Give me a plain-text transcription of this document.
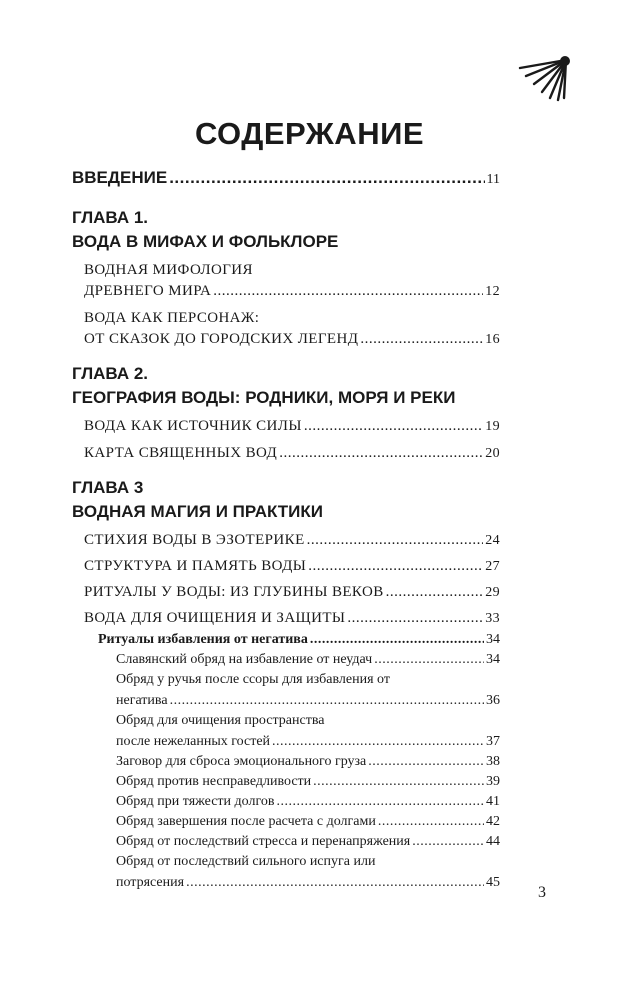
СОДЕРЖАНИЕ
ВВЕДЕНИЕ .....	11
ГЛАВА 1.
ВОДА В МИФАХ И ФОЛЬКЛОРЕ
ВОДНАЯ МИФОЛОГИЯ
ДРЕВНЕГО МИРА .....	12
ВОДА КАК ПЕРСОНАЖ:
ОТ СКАЗОК ДО ГОРОДСКИХ ЛЕГЕНД .....	16
ГЛАВА 2.
ГЕОГРАФИЯ ВОДЫ: РОДНИКИ, МОРЯ И РЕКИ
ВОДА КАК ИСТОЧНИК СИЛЫ .....	19
КАРТА СВЯЩЕННЫХ ВОД .....	20
ГЛАВА 3
ВОДНАЯ МАГИЯ И ПРАКТИКИ
СТИХИЯ ВОДЫ В ЭЗОТЕРИКЕ .....	24
СТРУКТУРА И ПАМЯТЬ ВОДЫ .....	27
РИТУАЛЫ У ВОДЫ: ИЗ ГЛУБИНЫ ВЕКОВ .....	29
ВОДА ДЛЯ ОЧИЩЕНИЯ И ЗАЩИТЫ .....	33
Ритуалы избавления от негатива .....	34
Славянский обряд на избавление от неудач .....	34
Обряд у ручья после ссоры для избавления от
негатива .....	36
Обряд для очищения пространства
после нежеланных гостей .....	37
Заговор для сброса эмоционального груза .....	38
Обряд против несправедливости .....	39
Обряд при тяжести долгов .....	41
Обряд завершения после расчета с долгами .....	42
Обряд от последствий стресса и перенапряжения .....	44
Обряд от последствий сильного испуга или
потрясения .....	45
3
